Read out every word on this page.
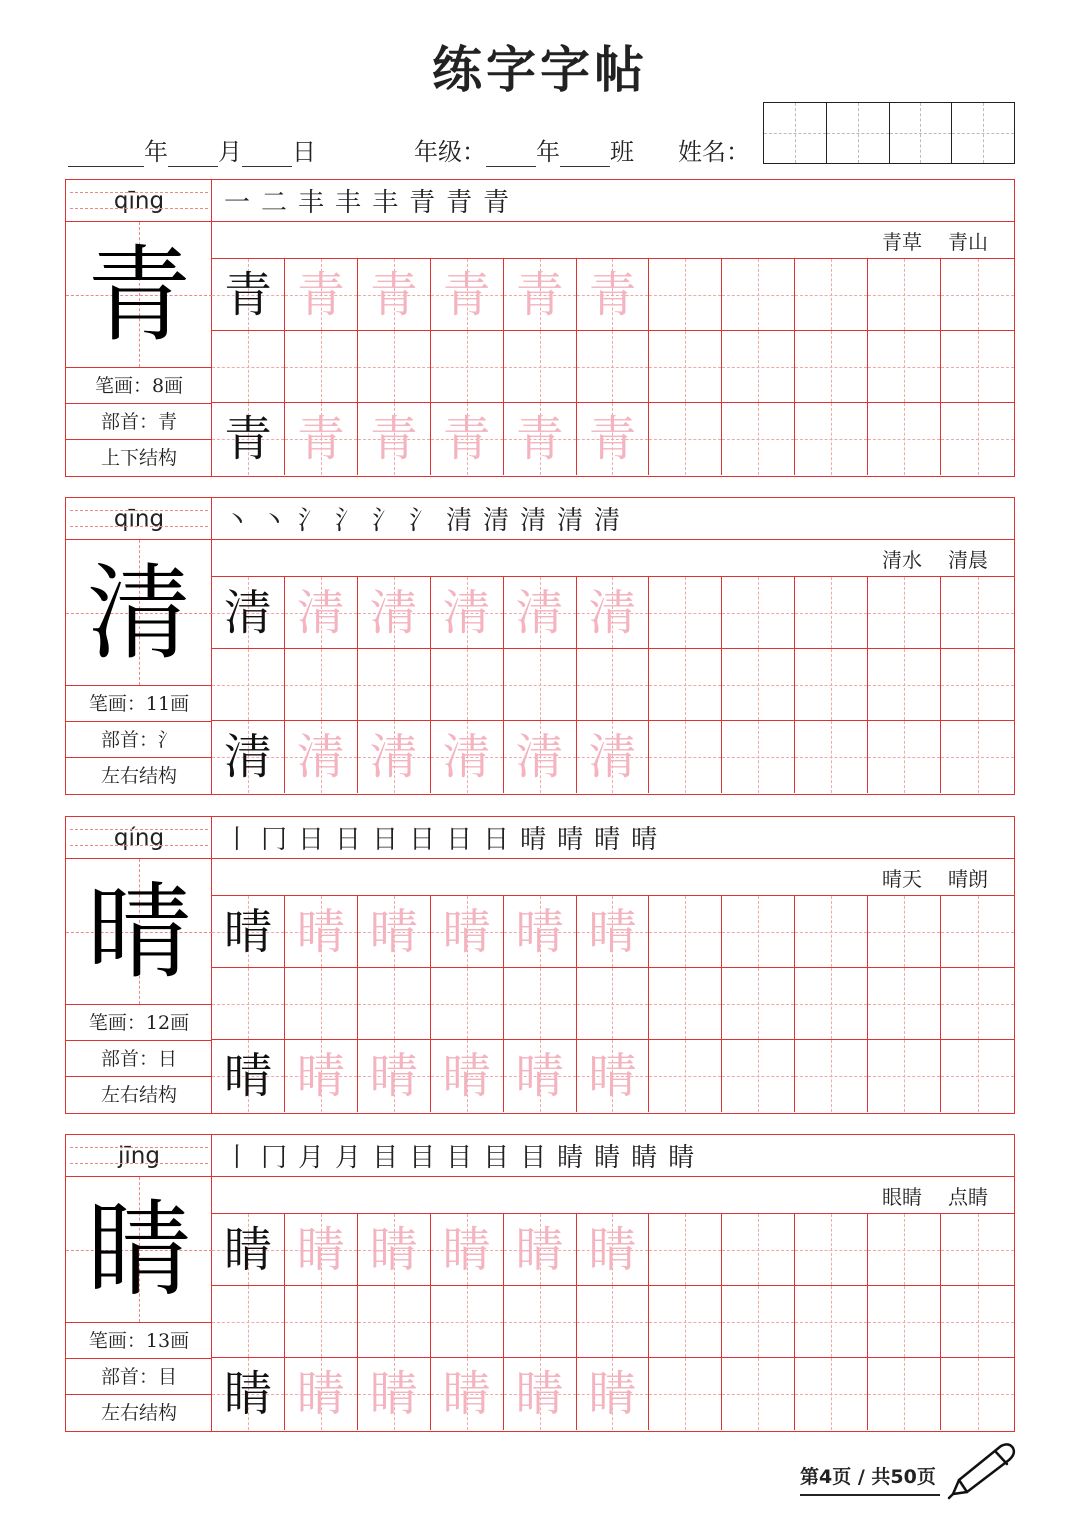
练字字帖
年 月 日	年级： 年 班 姓名：
qīng
青
笔画：8画
部首：青
上下结构
一 二 丰 丰 丰 青 青 青
青草 青山
青 青 青 青 青 青
青 青 青 青 青 青
qīng
清
笔画：11画
部首：氵
左右结构
丶 丶 氵 氵 氵 氵 清 清 清 清 清
清水 清晨
清 清 清 清 清 清
清 清 清 清 清 清
qíng
晴
笔画：12画
部首：日
左右结构
丨 冂 日 日 日 日 日 日 晴 晴 晴 晴
晴天 晴朗
晴 晴 晴 晴 晴 晴
晴 晴 晴 晴 晴 晴
jīng
睛
笔画：13画
部首：目
左右结构
丨 冂 月 月 目 目 目 目 目 睛 睛 睛 睛
眼睛 点睛
睛 睛 睛 睛 睛 睛
睛 睛 睛 睛 睛 睛
第4页 / 共50页
